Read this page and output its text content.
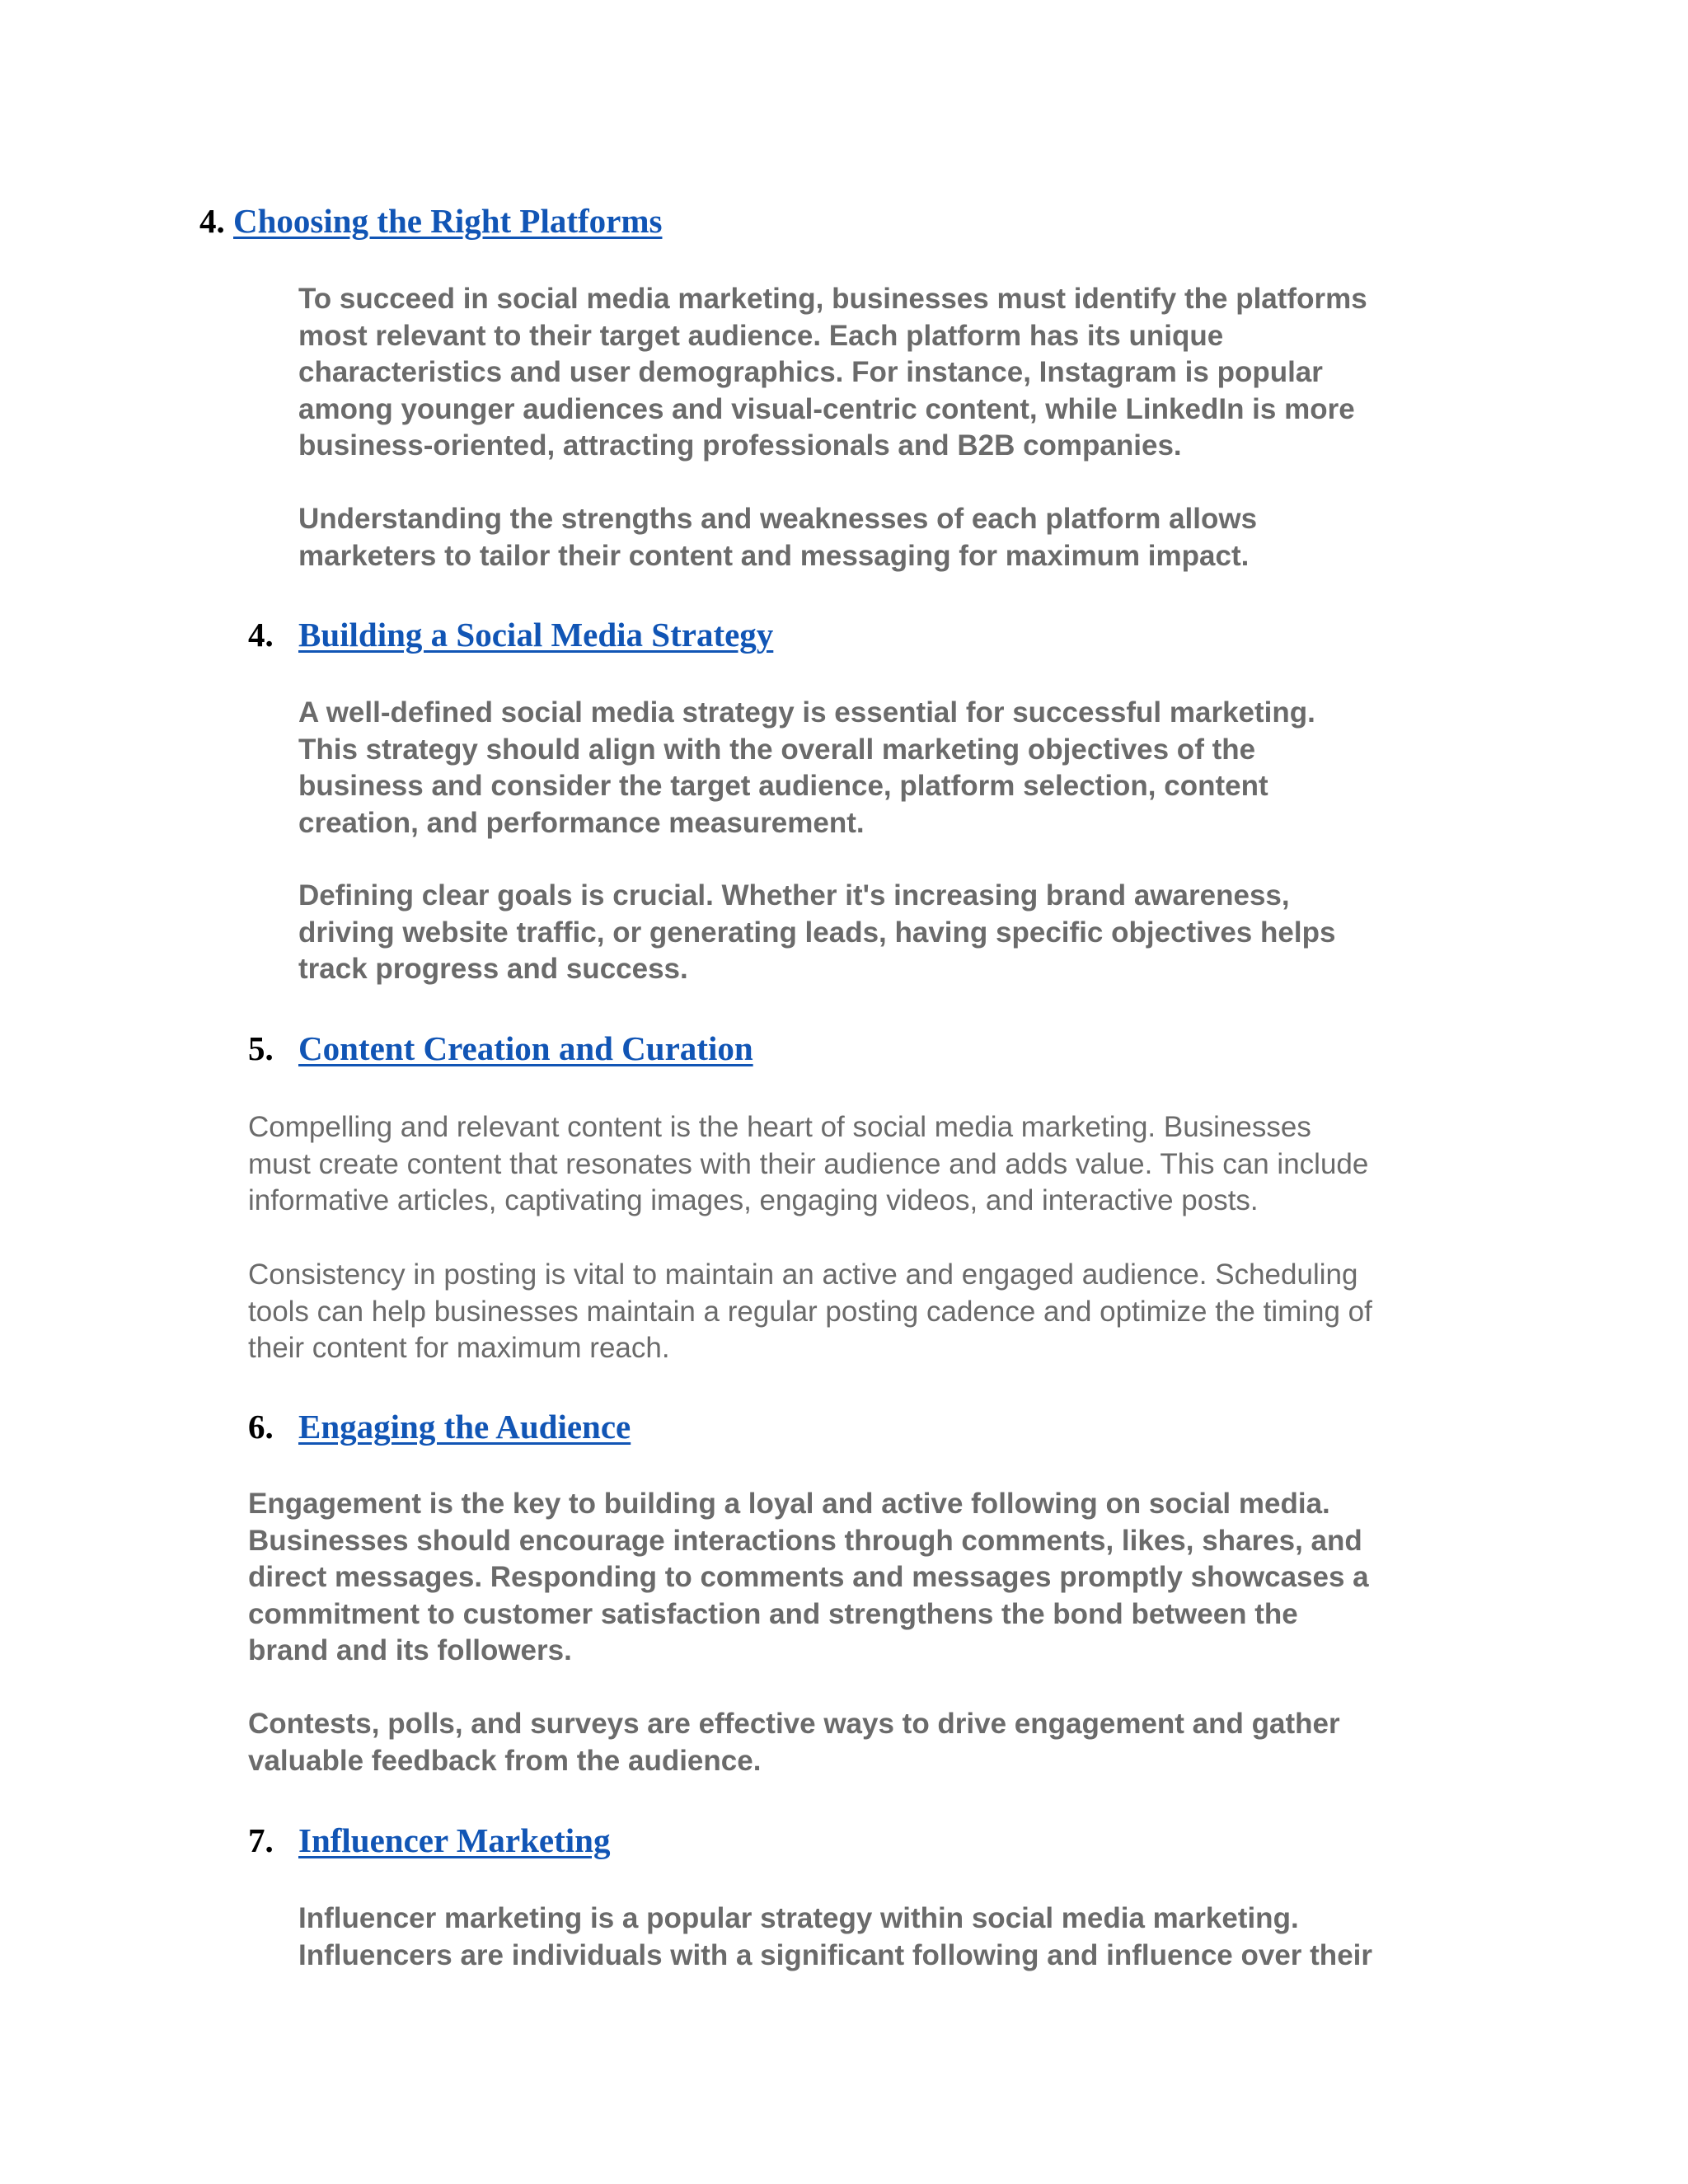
4. Choosing the Right Platforms

To succeed in social media marketing, businesses must identify the platforms
most relevant to their target audience. Each platform has its unique
characteristics and user demographics. For instance, Instagram is popular
among younger audiences and visual-centric content, while LinkedIn is more
business-oriented, attracting professionals and B2B companies.

Understanding the strengths and weaknesses of each platform allows
marketers to tailor their content and messaging for maximum impact.

4. Building a Social Media Strategy

A well-defined social media strategy is essential for successful marketing.
This strategy should align with the overall marketing objectives of the
business and consider the target audience, platform selection, content
creation, and performance measurement.

Defining clear goals is crucial. Whether it's increasing brand awareness,
driving website traffic, or generating leads, having specific objectives helps
track progress and success.

5. Content Creation and Curation

Compelling and relevant content is the heart of social media marketing. Businesses
must create content that resonates with their audience and adds value. This can include
informative articles, captivating images, engaging videos, and interactive posts.

Consistency in posting is vital to maintain an active and engaged audience. Scheduling
tools can help businesses maintain a regular posting cadence and optimize the timing of
their content for maximum reach.

6. Engaging the Audience

Engagement is the key to building a loyal and active following on social media.
Businesses should encourage interactions through comments, likes, shares, and
direct messages. Responding to comments and messages promptly showcases a
commitment to customer satisfaction and strengthens the bond between the
brand and its followers.

Contests, polls, and surveys are effective ways to drive engagement and gather
valuable feedback from the audience.

7. Influencer Marketing

Influencer marketing is a popular strategy within social media marketing.
Influencers are individuals with a significant following and influence over their
